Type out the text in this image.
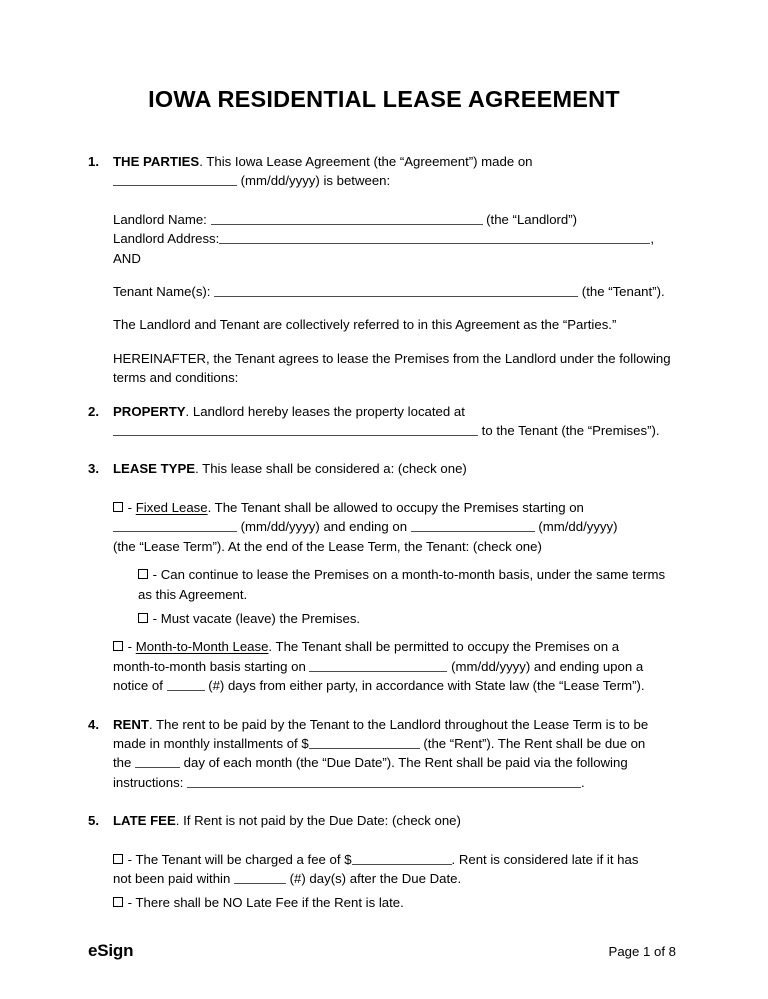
IOWA RESIDENTIAL LEASE AGREEMENT
1.	THE PARTIES. This Iowa Lease Agreement (the “Agreement”) made on

(mm/dd/yyyy) is between:

Landlord Name:	(the “Landlord”)

Landlord Address:	, AND

Tenant Name(s):	(the “Tenant”).

The Landlord and Tenant are collectively referred to in this Agreement as the “Parties.”

HEREINAFTER, the Tenant agrees to lease the Premises from the Landlord under the following terms and conditions:

2.	PROPERTY. Landlord hereby leases the property located at

to the Tenant (the “Premises”).

3.	LEASE TYPE. This lease shall be considered a: (check one)

- Fixed Lease. The Tenant shall be allowed to occupy the Premises starting on

(mm/dd/yyyy) and ending on	(mm/dd/yyyy)

(the “Lease Term”). At the end of the Lease Term, the Tenant: (check one)

- Can continue to lease the Premises on a month-to-month basis, under the same terms as this Agreement.

- Must vacate (leave) the Premises.

- Month-to-Month Lease. The Tenant shall be permitted to occupy the Premises on a

month-to-month basis starting on	(mm/dd/yyyy) and ending upon a

notice of	(#) days from either party, in accordance with State law (the “Lease Term”).

4.	RENT. The rent to be paid by the Tenant to the Landlord throughout the Lease Term is to be

made in monthly installments of $	(the “Rent”). The Rent shall be due on

the	day of each month (the “Due Date”). The Rent shall be paid via the following

instructions:	.

5.	LATE FEE. If Rent is not paid by the Due Date: (check one)

- The Tenant will be charged a fee of $	. Rent is considered late if it has

not been paid within	(#) day(s) after the Due Date.

- There shall be NO Late Fee if the Rent is late.

eSign	Page 1 of 8
